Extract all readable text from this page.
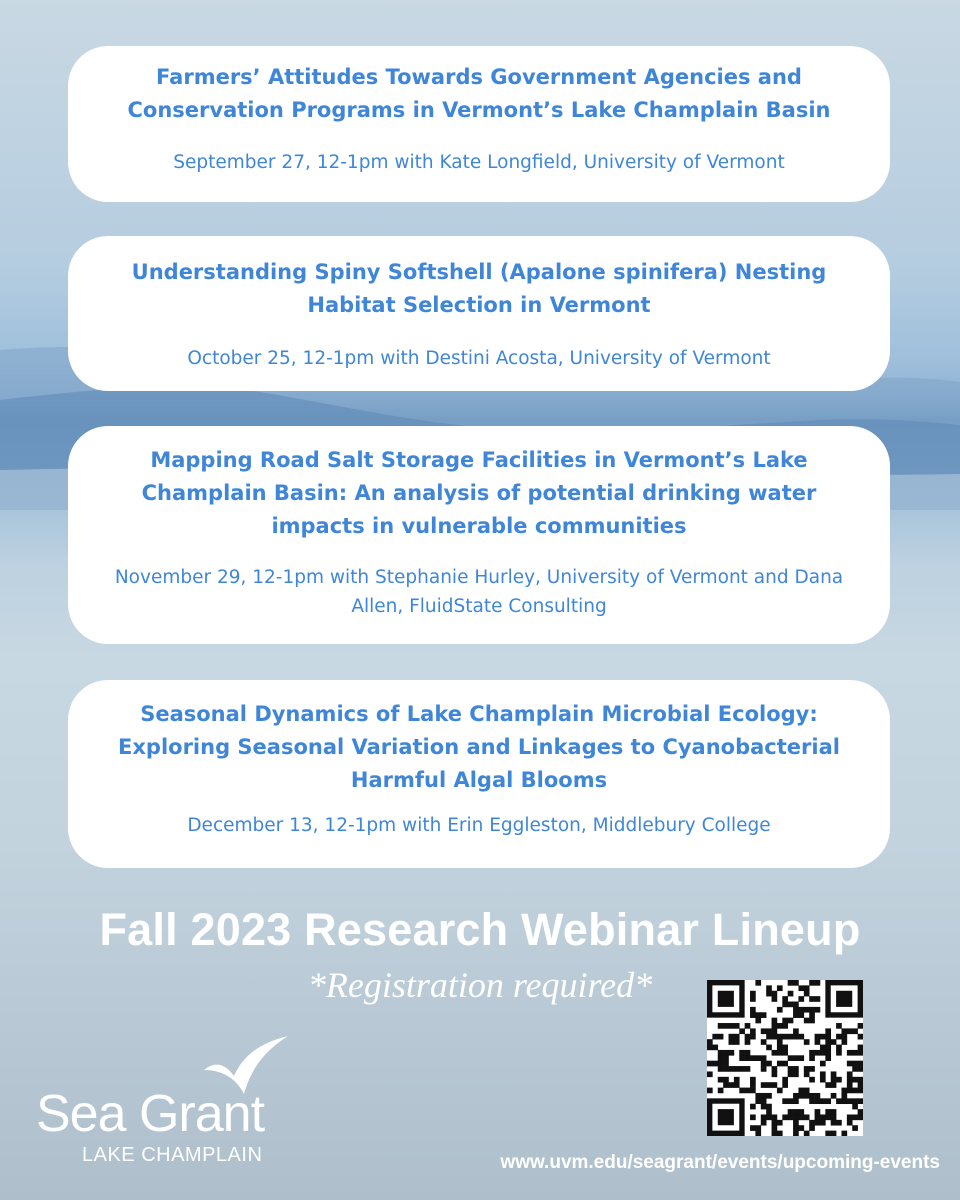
Farmers’ Attitudes Towards Government Agencies and Conservation Programs in Vermont’s Lake Champlain Basin
September 27, 12-1pm with Kate Longfield, University of Vermont
Understanding Spiny Softshell (Apalone spinifera) Nesting Habitat Selection in Vermont
October 25, 12-1pm with Destini Acosta, University of Vermont
Mapping Road Salt Storage Facilities in Vermont’s Lake Champlain Basin: An analysis of potential drinking water impacts in vulnerable communities
November 29, 12-1pm with Stephanie Hurley, University of Vermont and Dana Allen, FluidState Consulting
Seasonal Dynamics of Lake Champlain Microbial Ecology: Exploring Seasonal Variation and Linkages to Cyanobacterial Harmful Algal Blooms
December 13, 12-1pm with Erin Eggleston, Middlebury College
Fall 2023 Research Webinar Lineup
*Registration required*
Sea Grant
LAKE CHAMPLAIN	www.uvm.edu/seagrant/events/upcoming-events
